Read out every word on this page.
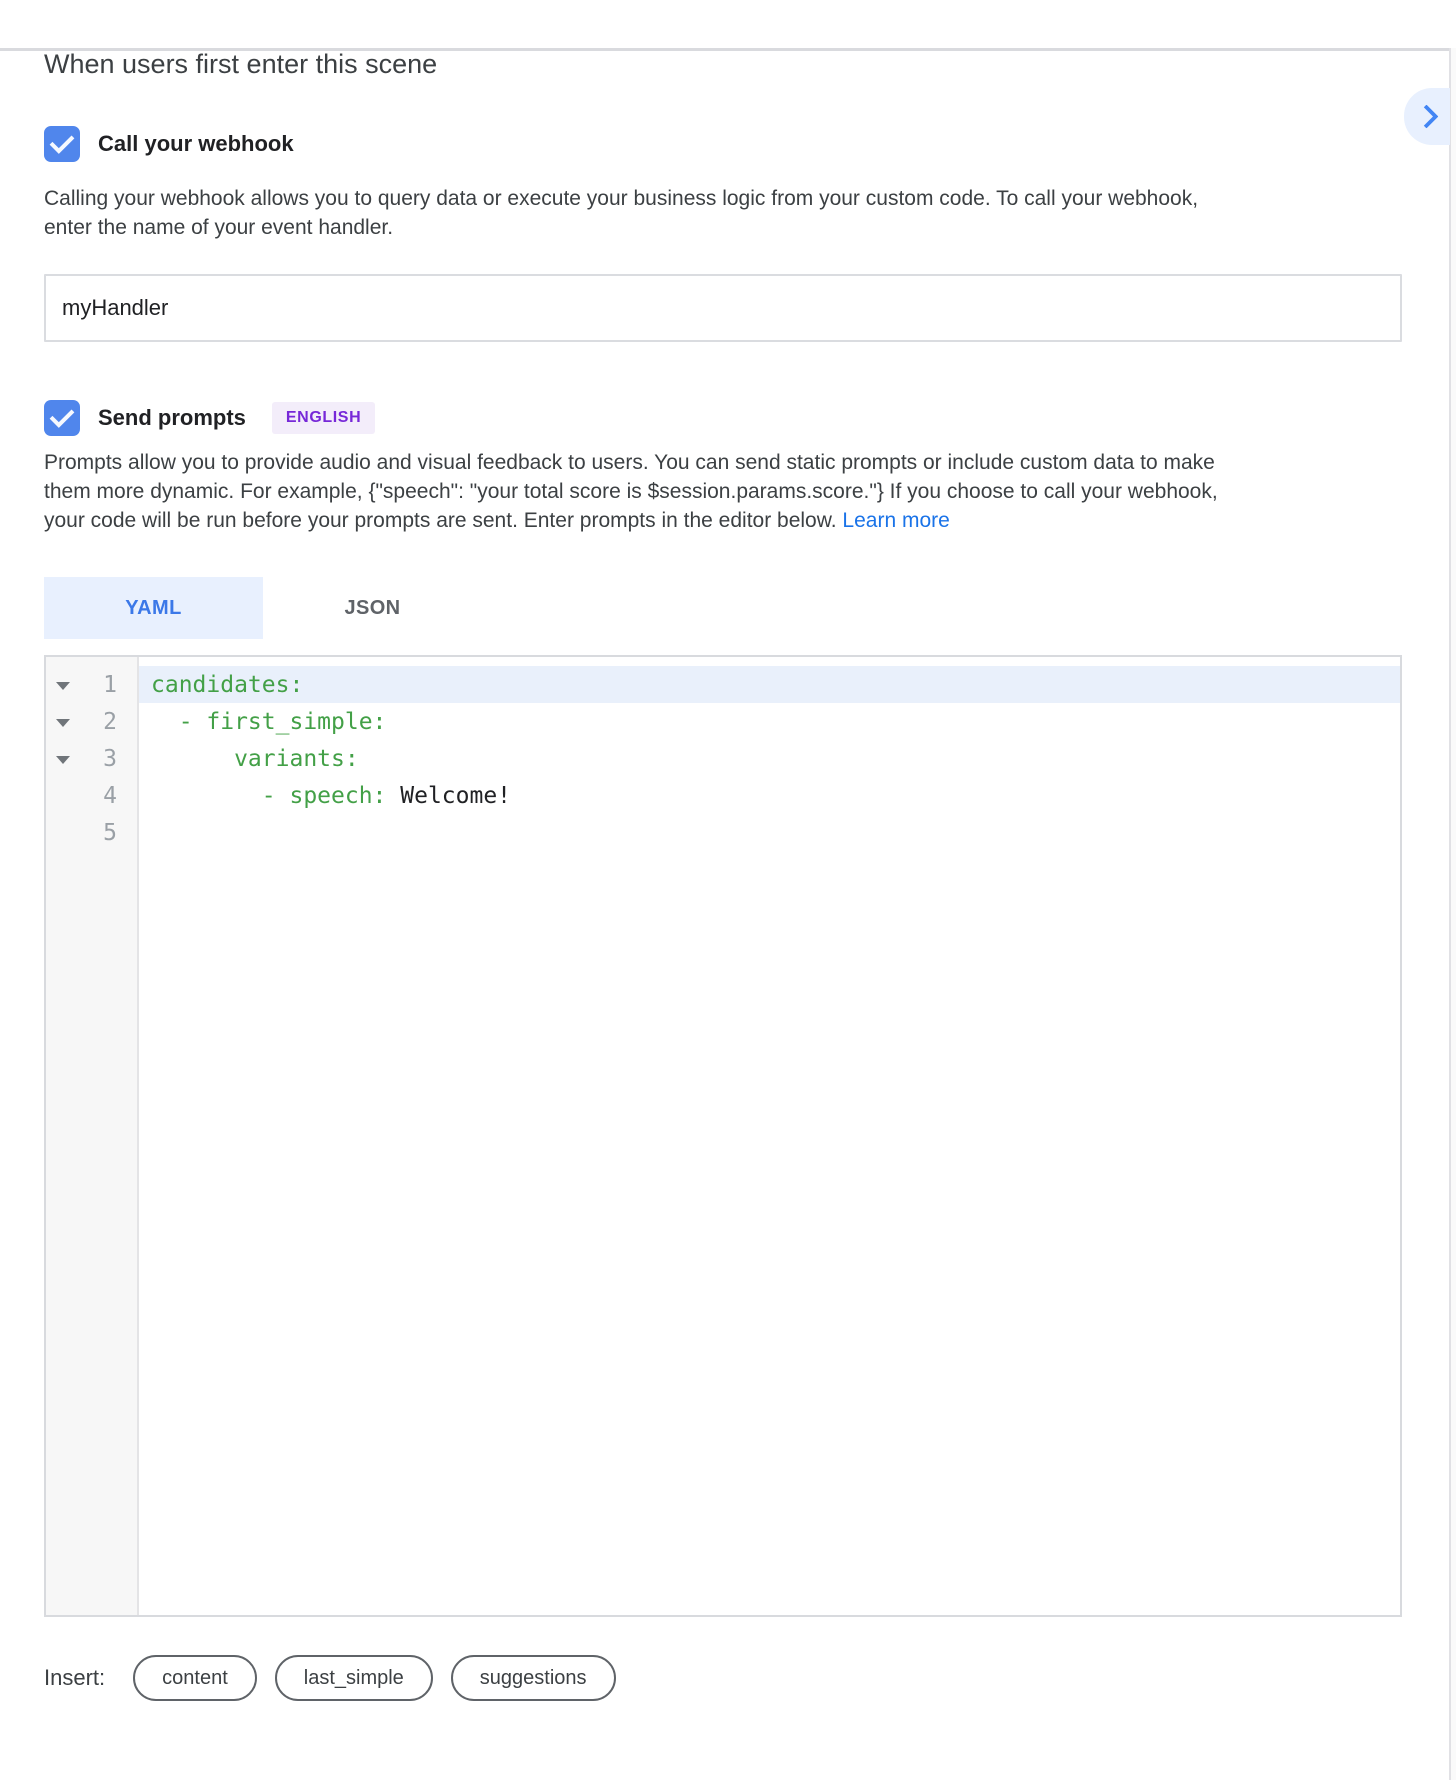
When users first enter this scene
Call your webhook
Calling your webhook allows you to query data or execute your business logic from your custom code. To call your webhook,
enter the name of your event handler.
myHandler
Send prompts	ENGLISH
Prompts allow you to provide audio and visual feedback to users. You can send static prompts or include custom data to make
them more dynamic. For example, {"speech": "your total score is $session.params.score."} If you choose to call your webhook,
your code will be run before your prompts are sent. Enter prompts in the editor below. Learn more
YAML	JSON
1 candidates:
2 - first_simple:
3 variants:
4 - speech: Welcome!
5
Insert:	content	last_simple	suggestions
